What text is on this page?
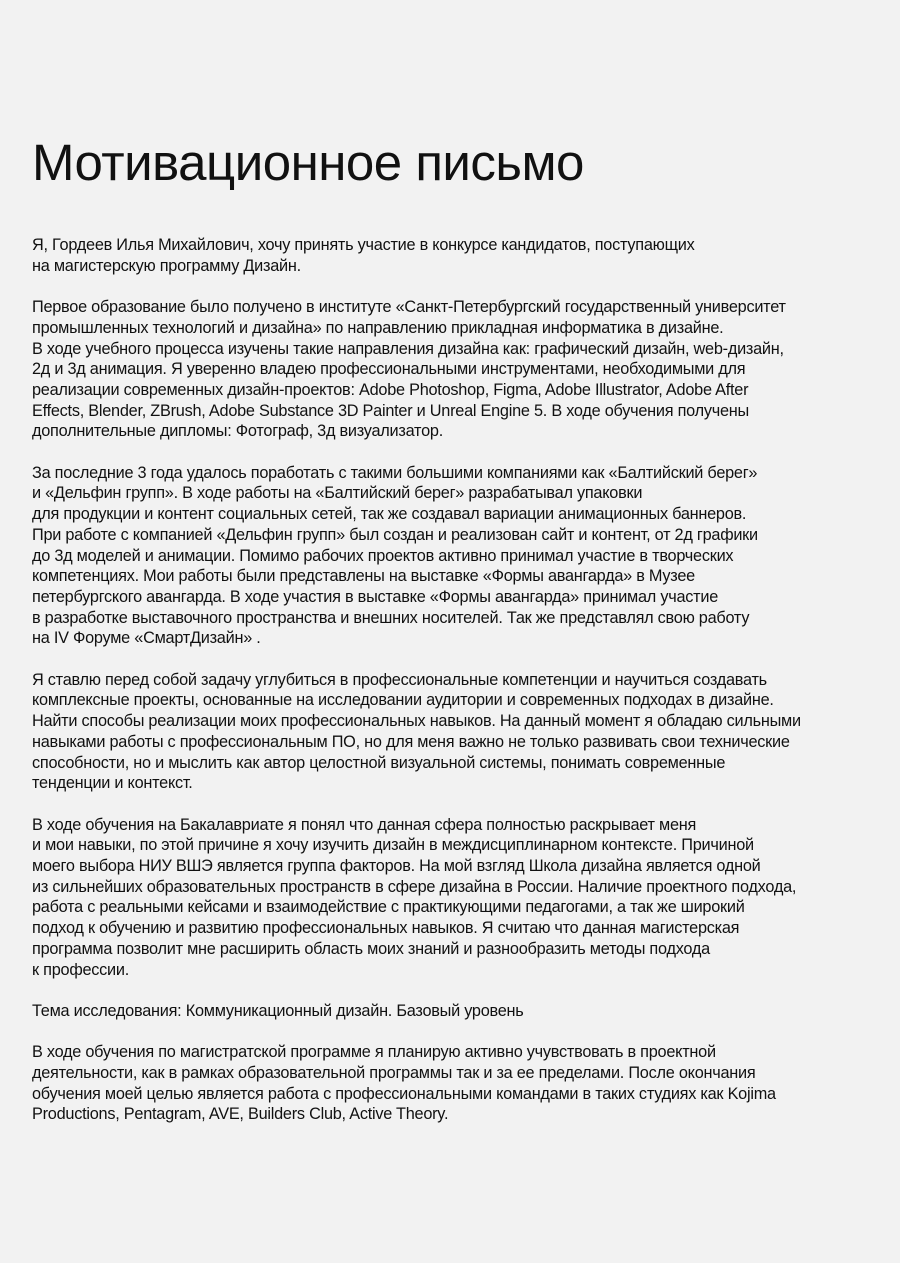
Мотивационное письмо

Я, Гордеев Илья Михайлович, хочу принять участие в конкурсе кандидатов, поступающих
на магистерскую программу Дизайн.

Первое образование было получено в институте «Санкт-Петербургский государственный университет
промышленных технологий и дизайна» по направлению прикладная информатика в дизайне.
В ходе учебного процесса изучены такие направления дизайна как: графический дизайн, web-дизайн,
2д и 3д анимация. Я уверенно владею профессиональными инструментами, необходимыми для
реализации современных дизайн-проектов: Adobe Photoshop, Figma, Adobe Illustrator, Adobe After
Effects, Blender, ZBrush, Adobe Substance 3D Painter и Unreal Engine 5. В ходе обучения получены
дополнительные дипломы: Фотограф, 3д визуализатор.

За последние 3 года удалось поработать с такими большими компаниями как «Балтийский берег»
и «Дельфин групп». В ходе работы на «Балтийский берег» разрабатывал упаковки
для продукции и контент социальных сетей, так же создавал вариации анимационных баннеров.
При работе с компанией «Дельфин групп» был создан и реализован сайт и контент, от 2д графики
до 3д моделей и анимации. Помимо рабочих проектов активно принимал участие в творческих
компетенциях. Мои работы были представлены на выставке «Формы авангарда» в Музее
петербургского авангарда. В ходе участия в выставке «Формы авангарда» принимал участие
в разработке выставочного пространства и внешних носителей. Так же представлял свою работу
на IV Форуме «СмартДизайн» .

Я ставлю перед собой задачу углубиться в профессиональные компетенции и научиться создавать
комплексные проекты, основанные на исследовании аудитории и современных подходах в дизайне.
Найти способы реализации моих профессиональных навыков. На данный момент я обладаю сильными
навыками работы с профессиональным ПО, но для меня важно не только развивать свои технические
способности, но и мыслить как автор целостной визуальной системы, понимать современные
тенденции и контекст.

В ходе обучения на Бакалавриате я понял что данная сфера полностью раскрывает меня
и мои навыки, по этой причине я хочу изучить дизайн в междисциплинарном контексте. Причиной
моего выбора НИУ ВШЭ является группа факторов. На мой взгляд Школа дизайна является одной
из сильнейших образовательных пространств в сфере дизайна в России. Наличие проектного подхода,
работа с реальными кейсами и взаимодействие с практикующими педагогами, а так же широкий
подход к обучению и развитию профессиональных навыков. Я считаю что данная магистерская
программа позволит мне расширить область моих знаний и разнообразить методы подхода
к профессии.

Тема исследования: Коммуникационный дизайн. Базовый уровень

В ходе обучения по магистратской программе я планирую активно учувствовать в проектной
деятельности, как в рамках образовательной программы так и за ее пределами. После окончания
обучения моей целью является работа с профессиональными командами в таких студиях как Kojima
Productions, Pentagram, AVE, Builders Club, Active Theory.
